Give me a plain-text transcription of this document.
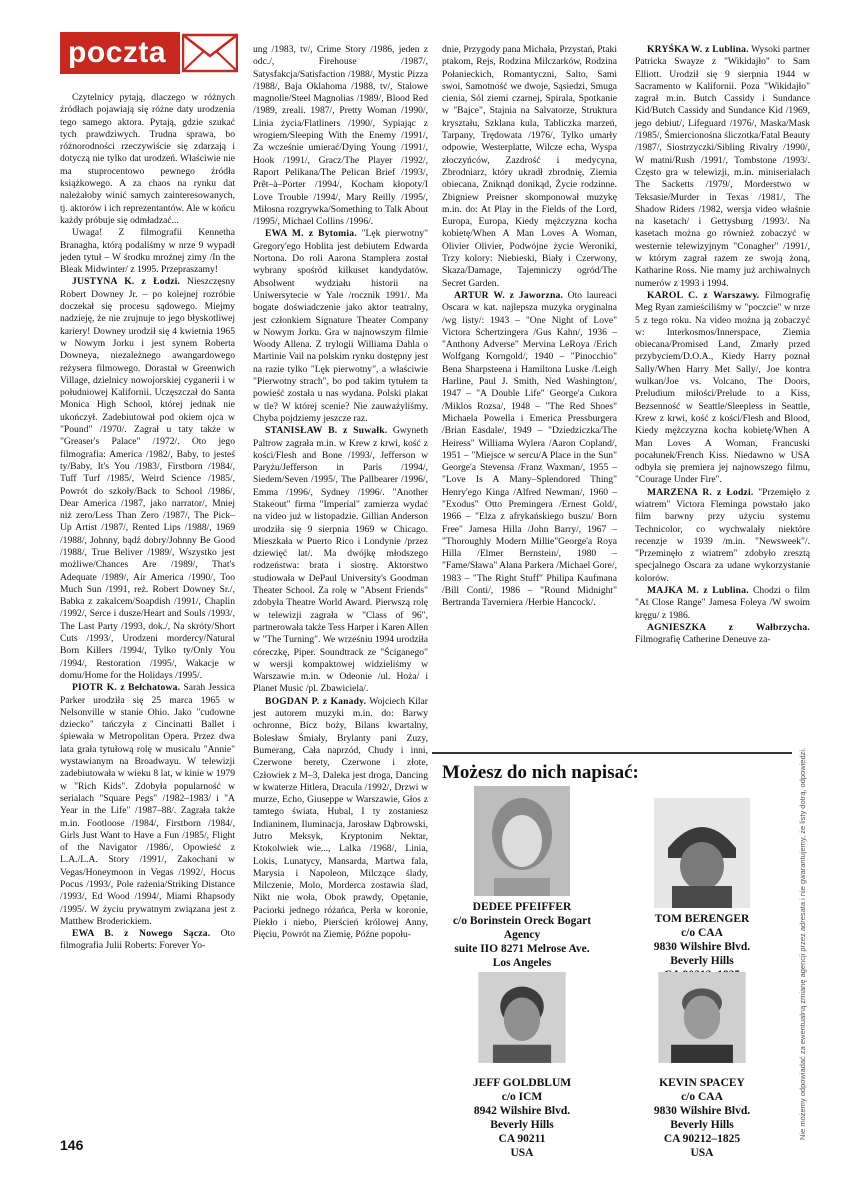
poczta

Czytelnicy pytają, dlaczego w różnych źródłach pojawiają się różne daty urodzenia tego samego aktora. Pytają, gdzie szukać tych prawdziwych. Trudna sprawa, bo różnorodności rzeczywiście się zdarzają i dotyczą nie tylko dat urodzeń. Właściwie nie ma stuprocentowo pewnego źródła książkowego. A za chaos na rynku dat należałoby winić samych zainteresowanych, tj. aktorów i ich reprezentantów. Ale w końcu każdy próbuje się odmładzać...

Uwaga! Z filmografii Kennetha Branagha, którą podaliśmy w nrze 9 wypadł jeden tytuł – W środku mroźnej zimy /In the Bleak Midwinter/ z 1995. Przepraszamy!

JUSTYNA K. z Łodzi. Nieszczęsny Robert Downey Jr. – po kolejnej rozróbie doczekał się procesu sądowego. Miejmy nadzieję, że nie zrujnuje to jego błyskotliwej kariery! Downey urodził się 4 kwietnia 1965 w Nowym Jorku i jest synem Roberta Downeya, niezależnego awangardowego reżysera filmowego. Dorastał w Greenwich Village, dzielnicy nowojorskiej cyganerii i w południowej Kalifornii. Uczęszczał do Santa Monica High School, której jednak nie ukończył. Zadebiutował pod okiem ojca w "Pound" /1970/. Zagrał u taty także w "Greaser's Palace" /1972/. Oto jego filmografia: America /1982/, Baby, to jesteś ty/Baby, It's You /1983/, Firstborn /1984/, Tuff Turf /1985/, Weird Science /1985/, Powrót do szkoły/Back to School /1986/, Dear America /1987, jako narrator/, Mniej niż zero/Less Than Zero /1987/, The Pick–Up Artist /1987/, Rented Lips /1988/, 1969 /1988/, Johnny, bądź dobry/Johnny Be Good /1988/, True Beliver /1989/, Wszystko jest możliwe/Chances Are /1989/, That's Adequate /1989/, Air America /1990/, Too Much Sun /1991, reż. Robert Downey Sr./, Babka z zakalcem/Soapdish /1991/, Chaplin /1992/, Serce i dusze/Heart and Souls /1993/, The Last Party /1993, dok./, Na skróty/Short Cuts /1993/, Urodzeni mordercy/Natural Born Killers /1994/, Tylko ty/Only You /1994/, Restoration /1995/, Wakacje w domu/Home for the Holidays /1995/.

PIOTR K. z Bełchatowa. Sarah Jessica Parker urodziła się 25 marca 1965 w Nelsonville w stanie Ohio. Jako "cudowne dziecko" tańczyła z Cincinatti Ballet i śpiewała w Metropolitan Opera. Przez dwa lata grała tytułową rolę w musicalu "Annie" wystawianym na Broadwayu. W telewizji zadebiutowała w wieku 8 lat, w kinie w 1979 w "Rich Kids". Zdobyła popularność w serialach "Square Pegs" /1982–1983/ i "A Year in the Life" /1987–88/. Zagrała także m.in. Footloose /1984/, Firstborn /1984/, Girls Just Want to Have a Fun /1985/, Flight of the Navigator /1986/, Opowieść z L.A./L.A. Story /1991/, Zakochani w Vegas/Honeymoon in Vegas /1992/, Hocus Pocus /1993/, Pole rażenia/Striking Distance /1993/, Ed Wood /1994/, Miami Rhapsody /1995/. W życiu prywatnym związana jest z Matthew Broderickiem.

EWA B. z Nowego Sącza. Oto filmografia Julii Roberts: Forever Yo-

ung /1983, tv/, Crime Story /1986, jeden z odc./, Firehouse /1987/, Satysfakcja/Satisfaction /1988/, Mystic Pizza /1988/, Baja Oklahoma /1988, tv/, Stalowe magnolie/Steel Magnolias /1989/, Blood Red /1989, zreali. 1987/, Pretty Woman /1990/, Linia życia/Flatliners /1990/, Sypiając z wrogiem/Sleeping With the Enemy /1991/, Za wcześnie umierać/Dying Young /1991/, Hook /1991/, Gracz/The Player /1992/, Raport Pelikana/The Pelican Brief /1993/, Prêt–à–Porter /1994/, Kocham kłopoty/I Love Trouble /1994/, Mary Reilly /1995/, Miłosna rozgrywka/Something to Talk About /1995/, Michael Collins /1996/.

EWA M. z Bytomia. "Lęk pierwotny" Gregory'ego Hoblita jest debiutem Edwarda Nortona. Do roli Aarona Stamplera został wybrany spośród kilkuset kandydatów. Absolwent wydziału historii na Uniwersytecie w Yale /rocznik 1991/. Ma bogate doświadczenie jako aktor teatralny, jest członkiem Signature Theater Company w Nowym Jorku. Gra w najnowszym filmie Woody Allena. Z trylogii Williama Dahla o Martinie Vail na polskim rynku dostępny jest na razie tylko "Lęk pierwotny", a właściwie "Pierwotny strach", bo pod takim tytułem ta powieść została u nas wydana. Polski plakat w tle? W której scenie? Nie zauważyliśmy. Chyba pojdziemy jeszcze raz.

STANISŁAW B. z Suwałk. Gwyneth Paltrow zagrała m.in. w Krew z krwi, kość z kości/Flesh and Bone /1993/, Jefferson w Paryżu/Jefferson in Paris /1994/, Siedem/Seven /1995/, The Pallbearer /1996/, Emma /1996/, Sydney /1996/. "Another Stakeout" firma "Imperial" zamierza wydać na video już w listopadzie. Gillian Anderson urodziła się 9 sierpnia 1969 w Chicago. Mieszkała w Puerto Rico i Londynie /przez dziewięć lat/. Ma dwójkę młodszego rodzeństwa: brata i siostrę. Aktorstwo studiowała w DePaul University's Goodman Theater School. Za rolę w "Absent Friends" zdobyła Theatre World Award. Pierwszą rolę w telewizji zagrała w "Class of 96", partnerowała także Tess Harper i Karen Allen w "The Turning". We wrześniu 1994 urodziła córeczkę, Piper. Soundtrack ze "Ściganego" w wersji kompaktowej widzieliśmy w Warszawie m.in. w Odeonie /ul. Hoża/ i Planet Music /pl. Zbawiciela/.

BOGDAN P. z Kanady. Wojciech Kilar jest autorem muzyki m.in. do: Barwy ochronne, Bicz boży, Bilans kwartalny, Bolesław Śmiały, Brylanty pani Zuzy, Bumerang, Cała naprzód, Chudy i inni, Czerwone berety, Czerwone i złote, Człowiek z M–3, Daleka jest droga, Dancing w kwaterze Hitlera, Dracula /1992/, Drzwi w murze, Echo, Giuseppe w Warszawie, Głos z tamtego świata, Hubal, I ty zostaniesz Indianinem, Iluminacja, Jarosław Dąbrowski, Jutro Meksyk, Kryptonim Nektar, Ktokolwiek wie..., Lalka /1968/, Linia, Lokis, Lunatycy, Mansarda, Martwa fala, Marysia i Napoleon, Milczące ślady, Milczenie, Molo, Morderca zostawia ślad, Nikt nie woła, Obok prawdy, Opętanie, Paciorki jednego różańca, Perła w koronie, Piekło i niebo, Pierścień królowej Anny, Pięciu, Powrót na Ziemię, Późne popołu-

dnie, Przygody pana Michała, Przystań, Ptaki ptakom, Rejs, Rodzina Milczarków, Rodzina Połanieckich, Romantyczni, Salto, Sami swoi, Samotność we dwoje, Sąsiedzi, Smuga cienia, Sól ziemi czarnej, Spirala, Spotkanie w "Bajce", Stajnia na Salvatorze, Struktura kryształu, Szklana kula, Tabliczka marzeń, Tarpany, Trędowata /1976/, Tylko umarły odpowie, Westerplatte, Wilcze echa, Wyspa złoczyńców, Zazdrość i medycyna, Zbrodniarz, który ukradł zbrodnię, Ziemia obiecana, Zniknąd donikąd, Życie rodzinne. Zbigniew Preisner skomponował muzykę m.in. do: At Play in the Fields of the Lord, Europa, Europa, Kiedy mężczyzna kocha kobietę/When A Man Loves A Woman, Olivier Olivier, Podwójne życie Weroniki, Trzy kolory: Niebieski, Biały i Czerwony, Skaza/Damage, Tajemniczy ogród/The Secret Garden.

ARTUR W. z Jaworzna. Oto laureaci Oscara w kat. najlepsza muzyka oryginalna /wg listy/: 1943 – "One Night of Love" Victora Schertzingera /Gus Kahn/, 1936 – "Anthony Adverse" Mervina LeRoya /Erich Wolfgang Korngold/, 1940 – "Pinocchio" Bena Sharpsteena i Hamiltona Luske /Leigh Harline, Paul J. Smith, Ned Washington/, 1947 – "A Double Life" George'a Cukora /Miklos Rozsa/, 1948 – "The Red Shoes" Michaela Powella i Emerica Pressburgera /Brian Easdale/, 1949 – "Dziedziczka/The Heiress" Williama Wylera /Aaron Copland/, 1951 – "Miejsce w sercu/A Place in the Sun" George'a Stevensa /Franz Waxman/, 1955 – "Love Is A Many–Splendored Thing" Henry'ego Kinga /Alfred Newman/, 1960 – "Exodus" Otto Premingera /Ernest Gold/, 1966 – "Elza z afrykańskiego buszu/ Born Free" Jamesa Hilla /John Barry/, 1967 – "Thoroughly Modern Millie"George'a Roya Hilla /Elmer Bernstein/, 1980 – "Fame/Sława" Alana Parkera /Michael Gore/, 1983 – "The Right Stuff" Philipa Kaufmana /Bill Conti/, 1986 – "Round Midnight" Bertranda Taverniera /Herbie Hancock/.

KRYŚKA W. z Lublina. Wysoki partner Patricka Swayze z "Wikidajło" to Sam Elliott. Urodził się 9 sierpnia 1944 w Sacramento w Kalifornii. Poza "Wikidajło" zagrał m.in. Butch Cassidy i Sundance Kid/Butch Cassidy and Sundance Kid /1969, jego debiut/, Lifeguard /1976/, Maska/Mask /1985/, Śmiercionośna śliczotka/Fatal Beauty /1987/, Siostrzyczki/Sibling Rivalry /1990/, W matni/Rush /1991/, Tombstone /1993/. Często gra w telewizji, m.in. miniserialach The Sacketts /1979/, Morderstwo w Teksasie/Murder in Texas /1981/, The Shadow Riders /1982, wersja video właśnie na kasetach/ i Gettysburg /1993/. Na kasetach można go również zobaczyć w westernie telewizyjnym "Conagher" /1991/, w którym zagrał razem ze swoją żoną, Katharine Ross. Nie mamy już archiwalnych numerów z 1993 i 1994.

KAROL C. z Warszawy. Filmografię Meg Ryan zamieściliśmy w "poczcie" w nrze 5 z tego roku. Na video można ją zobaczyć w: Interkosmos/Innerspace, Ziemia obiecana/Promised Land, Zmarły przed przybyciem/D.O.A., Kiedy Harry poznał Sally/When Harry Met Sally/, Joe kontra wulkan/Joe vs. Volcano, The Doors, Preludium miłości/Prelude to a Kiss, Bezsenność w Seattle/Sleepless in Seattle, Krew z krwi, kość z kości/Flesh and Blood, Kiedy mężczyzna kocha kobietę/When A Man Loves A Woman, Francuski pocałunek/French Kiss. Niedawno w USA odbyła się premiera jej najnowszego filmu, "Courage Under Fire".

MARZENA R. z Łodzi. "Przemięło z wiatrem" Victora Fleminga powstało jako film barwny przy użyciu systemu Technicolor, co wychwalały niektóre recenzje w 1939 /m.in. "Newsweek"/. "Przeminęło z wiatrem" zdobyło zresztą specjalnego Oscara za udane wykorzystanie kolorów.

MAJKA M. z Lublina. Chodzi o film "At Close Range" Jamesa Foleya /W swoim kręgu/ z 1986.

AGNIESZKA z Wałbrzycha. Filmografię Catherine Deneuve za-

Możesz do nich napisać:
DEDEE PFEIFFER
c/o Borinstein Oreck Bogart
Agency
suite IIO 8271 Melrose Ave.
Los Angeles
TOM BERENGER
c/o CAA
9830 Wilshire Blvd.
Beverly Hills
JEFF GOLDBLUM
c/o ICM
8942 Wilshire Blvd.
Beverly Hills
CA 90211
USA
KEVIN SPACEY
c/o CAA
9830 Wilshire Blvd.
Beverly Hills
CA 90212–1825
USA
Nie możemy odpowiadać za ewentualną zmianę agencji przez adresata i nie gwarantujemy, że listy dotrą, odpowiedzi.
146
